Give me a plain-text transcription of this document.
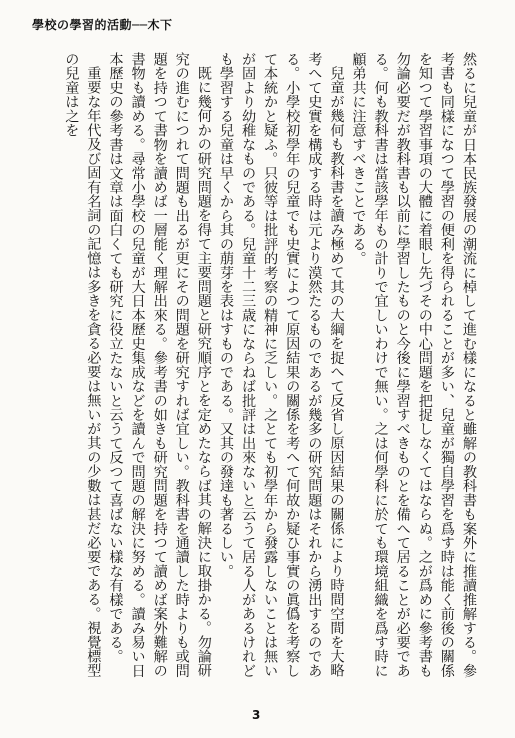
學校の學習的活動──木下

然るに兒童が日本民族發展の潮流に棹して進む樣になると雖解の教科書も案外に推讀推解する。參考書も同樣になつて學習の便利を得られることが多い、兒童が獨自學習を爲す時は能く前後の關係を知つて學習事項の大體に着眼し先づその中心問題を把捉しなくてはならぬ。之が爲めに參考書も勿論必要だが教科書も以前に學習したものと今後に學習すべきものとを備へて居ることが必要である。何も教科書は當該學年もの計りで宜しいわけで無い。之は何學科に於ても環境組織を爲す時に顧弟共に注意すべきことである。

兒童が幾何も教科書を讀み極めて其の大綱を捉へて反省し原因結果の關係により時間空間を大略考へて史實を構成する時は元より漠然たるものであるが幾多の研究問題はそれから湧出するのである。小學校初學年の兒童でも史實によつて原因結果の關係を考へて何故か疑ひ事實の眞僞を考察して本統かと疑ふ。只彼等は批評的考察の精神に乏しい。之とても初學年から發露しないことは無いが固より幼稚なものである。兒童十二三歳にならねば批評は出來ないと云うて居る人があるけれども學習する兒童は早くから其の萠芽を表はすものである。又其の發達も著るしい。

既に幾何かの研究問題を得て主要問題と研究順序とを定めたならば其の解決に取掛かる。勿論研究の進むにつれて問題も出るが更にその問題を研究すれば宜しい。教科書を通讀した時よりも或問題を持つて書物を讀めば一層能く理解出來る。參考書の如きも研究問題を持つて讀めば案外難解の書物も讀める。尋常小學校の兒童が大日本歷史集成などを讀んで問題の解決に努める。讀み易い日本歷史の參考書は文章は面白くても研究に役立たないと云うて反つて喜ばない樣な有樣である。

重要な年代及び固有名詞の記憶は多きを貪る必要は無いが其の少數は甚だ必要である。視覺標型の兒童は之を

3
